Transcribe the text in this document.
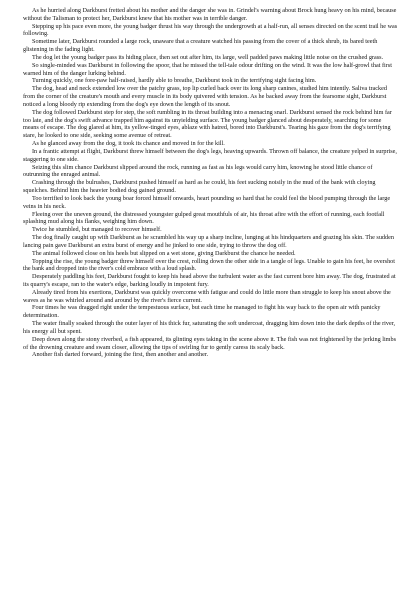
As he hurried along Darkburst fretted about his mother and the danger she was in. Grindel's warning about Brock hung heavy on his mind, because without the Talisman to protect her, Darkburst knew that his mother was in terrible danger.

Stepping up his pace even more, the young badger thrust his way through the undergrowth at a half-run, all senses directed on the scent trail he was following.

Sometime later, Darkburst rounded a large rock, unaware that a creature watched his passing from the cover of a thick shrub, its bared teeth glistening in the fading light.

The dog let the young badger pass its hiding place, then set out after him, its large, well padded paws making little noise on the crushed grass.

So single-minded was Darkburst in following the spoor, that he missed the tell-tale odour drifting on the wind. It was the low half-growl that first warned him of the danger lurking behind.

Turning quickly, one fore-paw half-raised, hardly able to breathe, Darkburst took in the terrifying sight facing him.

The dog, head and neck extended low over the patchy grass, top lip curled back over its long sharp canines, studied him intently. Saliva tracked from the corner of the creature's mouth and every muscle in its body quivered with tension. As he backed away from the fearsome sight, Darkburst noticed a long bloody rip extending from the dog's eye down the length of its snout.

The dog followed Darkburst step for step, the soft rumbling in its throat building into a menacing snarl. Darkburst sensed the rock behind him far too late, and the dog's swift advance trapped him against its unyielding surface. The young badger glanced about desperately, searching for some means of escape. The dog glared at him, its yellow-tinged eyes, ablaze with hatred, bored into Darkburst's. Tearing his gaze from the dog's terrifying stare, he looked to one side, seeking some avenue of retreat.

As he glanced away from the dog, it took its chance and moved in for the kill.

In a frantic attempt at flight, Darkburst threw himself between the dog's legs, heaving upwards. Thrown off balance, the creature yelped in surprise, staggering to one side.

Seizing this slim chance Darkburst slipped around the rock, running as fast as his legs would carry him, knowing he stood little chance of outrunning the enraged animal.

Crashing through the bulrushes, Darkburst pushed himself as hard as he could, his feet sucking noisily in the mud of the bank with cloying squelches. Behind him the heavier bodied dog gained ground.

Too terrified to look back the young boar forced himself onwards, heart pounding so hard that he could feel the blood pumping through the large veins in his neck.

Fleeing over the uneven ground, the distressed youngster gulped great mouthfuls of air, his throat afire with the effort of running, each footfall splashing mud along his flanks, weighing him down.

Twice he stumbled, but managed to recover himself.

The dog finally caught up with Darkburst as he scrambled his way up a sharp incline, lunging at his hindquarters and grazing his skin. The sudden lancing pain gave Darkburst an extra burst of energy and he jinked to one side, trying to throw the dog off.

The animal followed close on his heels but slipped on a wet stone, giving Darkburst the chance he needed.

Topping the rise, the young badger threw himself over the crest, rolling down the other side in a tangle of legs. Unable to gain his feet, he overshot the bank and dropped into the river's cold embrace with a loud splash.

Desperately paddling his feet, Darkburst fought to keep his head above the turbulent water as the fast current bore him away. The dog, frustrated at its quarry's escape, ran to the water's edge, barking loudly in impotent fury.

Already tired from his exertions, Darkburst was quickly overcome with fatigue and could do little more than struggle to keep his snout above the waves as he was whirled around and around by the river's fierce current.

Four times he was dragged right under the tempestuous surface, but each time he managed to fight his way back to the open air with panicky determination.

The water finally soaked through the outer layer of his thick fur, saturating the soft undercoat, dragging him down into the dark depths of the river, his energy all but spent.

Deep down along the stony riverbed, a fish appeared, its glinting eyes taking in the scene above it. The fish was not frightened by the jerking limbs of the drowning creature and swam closer, allowing the tips of swirling fur to gently caress its scaly back.

Another fish darted forward, joining the first, then another and another.
